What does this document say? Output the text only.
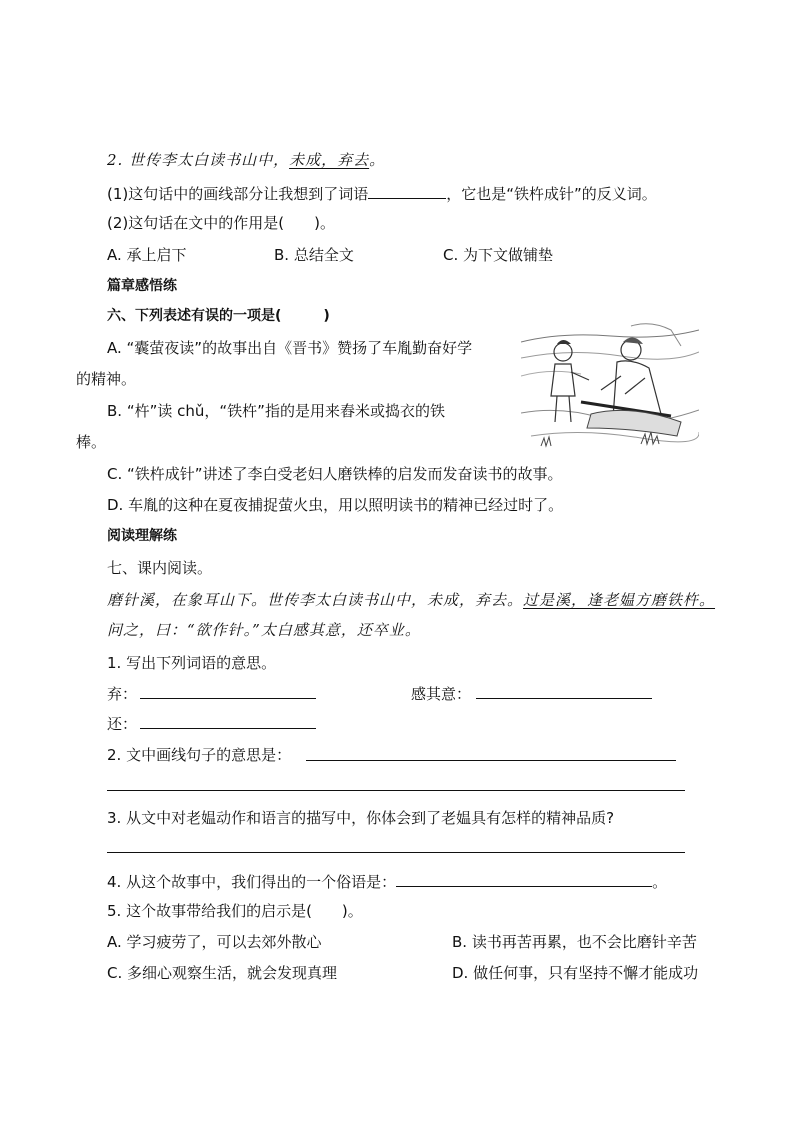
2. 世传李太白读书山中，未成，弃去。
(1)这句话中的画线部分让我想到了词语	，它也是“铁杵成针”的反义词。
(2)这句话在文中的作用是(　　)。
A. 承上启下	B. 总结全文	C. 为下文做铺垫
篇章感悟练
六、下列表述有误的一项是(　　　)
A. “囊萤夜读”的故事出自《晋书》赞扬了车胤勤奋好学
的精神。
B. “杵”读 chǔ，“铁杵”指的是用来舂米或捣衣的铁
棒。
C. “铁杵成针”讲述了李白受老妇人磨铁棒的启发而发奋读书的故事。
D. 车胤的这种在夏夜捕捉萤火虫，用以照明读书的精神已经过时了。
阅读理解练
七、课内阅读。
磨针溪，在象耳山下。世传李太白读书山中，未成，弃去。过是溪，逢老媪方磨铁杵。
问之，曰：“欲作针。”太白感其意，还卒业。
1. 写出下列词语的意思。
弃：	感其意：
还：
2. 文中画线句子的意思是：
3. 从文中对老媪动作和语言的描写中，你体会到了老媪具有怎样的精神品质?
4. 从这个故事中，我们得出的一个俗语是：	。
5. 这个故事带给我们的启示是(　　)。
A. 学习疲劳了，可以去郊外散心	B. 读书再苦再累，也不会比磨针辛苦
C. 多细心观察生活，就会发现真理	D. 做任何事，只有坚持不懈才能成功
